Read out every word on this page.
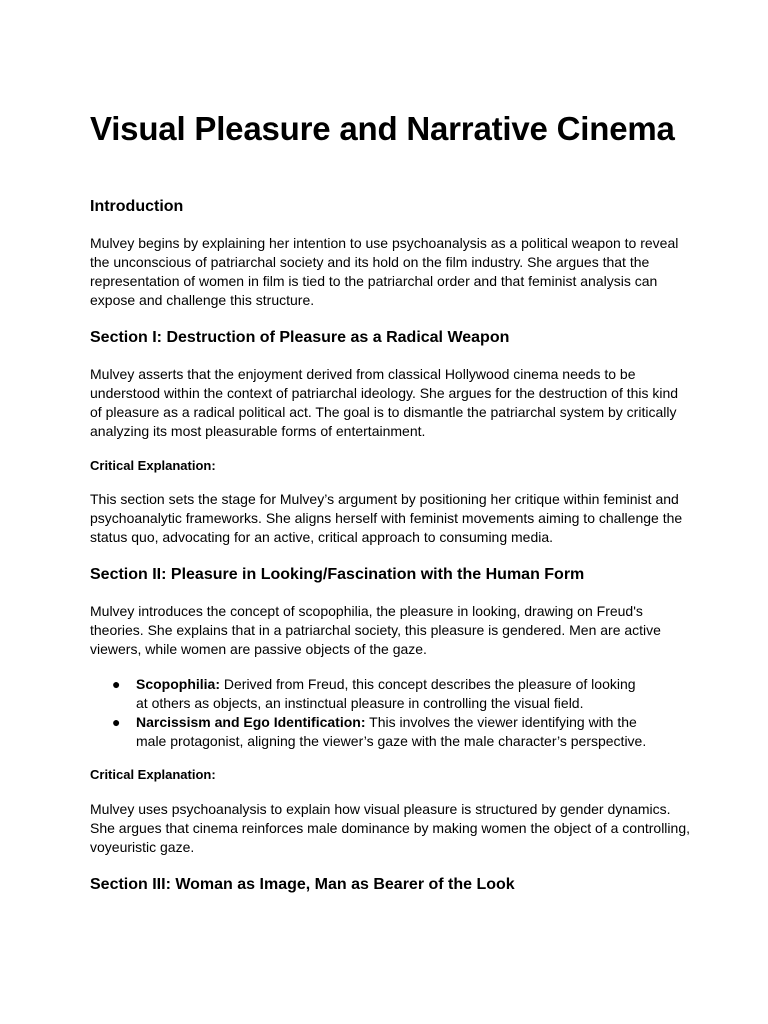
Visual Pleasure and Narrative Cinema
Introduction

Mulvey begins by explaining her intention to use psychoanalysis as a political weapon to reveal the unconscious of patriarchal society and its hold on the film industry. She argues that the representation of women in film is tied to the patriarchal order and that feminist analysis can expose and challenge this structure.

Section I: Destruction of Pleasure as a Radical Weapon

Mulvey asserts that the enjoyment derived from classical Hollywood cinema needs to be understood within the context of patriarchal ideology. She argues for the destruction of this kind of pleasure as a radical political act. The goal is to dismantle the patriarchal system by critically analyzing its most pleasurable forms of entertainment.

Critical Explanation:

This section sets the stage for Mulvey’s argument by positioning her critique within feminist and psychoanalytic frameworks. She aligns herself with feminist movements aiming to challenge the status quo, advocating for an active, critical approach to consuming media.

Section II: Pleasure in Looking/Fascination with the Human Form

Mulvey introduces the concept of scopophilia, the pleasure in looking, drawing on Freud's theories. She explains that in a patriarchal society, this pleasure is gendered. Men are active viewers, while women are passive objects of the gaze.

● Scopophilia: Derived from Freud, this concept describes the pleasure of looking at others as objects, an instinctual pleasure in controlling the visual field.
● Narcissism and Ego Identification: This involves the viewer identifying with the male protagonist, aligning the viewer’s gaze with the male character’s perspective.
Critical Explanation:

Mulvey uses psychoanalysis to explain how visual pleasure is structured by gender dynamics. She argues that cinema reinforces male dominance by making women the object of a controlling, voyeuristic gaze.

Section III: Woman as Image, Man as Bearer of the Look
